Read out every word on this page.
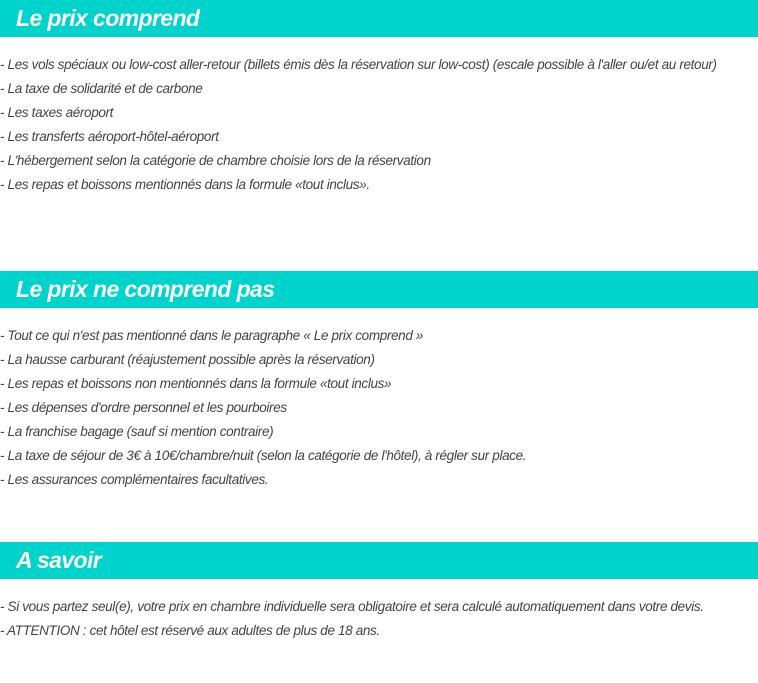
Le prix comprend
- Les vols spéciaux ou low-cost aller-retour (billets émis dès la réservation sur low-cost) (escale possible à l'aller ou/et au retour)
- La taxe de solidarité et de carbone
- Les taxes aéroport
- Les transferts aéroport-hôtel-aéroport
- L'hébergement selon la catégorie de chambre choisie lors de la réservation
- Les repas et boissons mentionnés dans la formule «tout inclus».
Le prix ne comprend pas
- Tout ce qui n'est pas mentionné dans le paragraphe « Le prix comprend »
- La hausse carburant (réajustement possible après la réservation)
- Les repas et boissons non mentionnés dans la formule «tout inclus»
- Les dépenses d'ordre personnel et les pourboires
- La franchise bagage (sauf si mention contraire)
- La taxe de séjour de 3€ à 10€/chambre/nuit (selon la catégorie de l'hôtel), à régler sur place.
- Les assurances complémentaires facultatives.
A savoir
- Si vous partez seul(e), votre prix en chambre individuelle sera obligatoire et sera calculé automatiquement dans votre devis.
- ATTENTION : cet hôtel est réservé aux adultes de plus de 18 ans.
